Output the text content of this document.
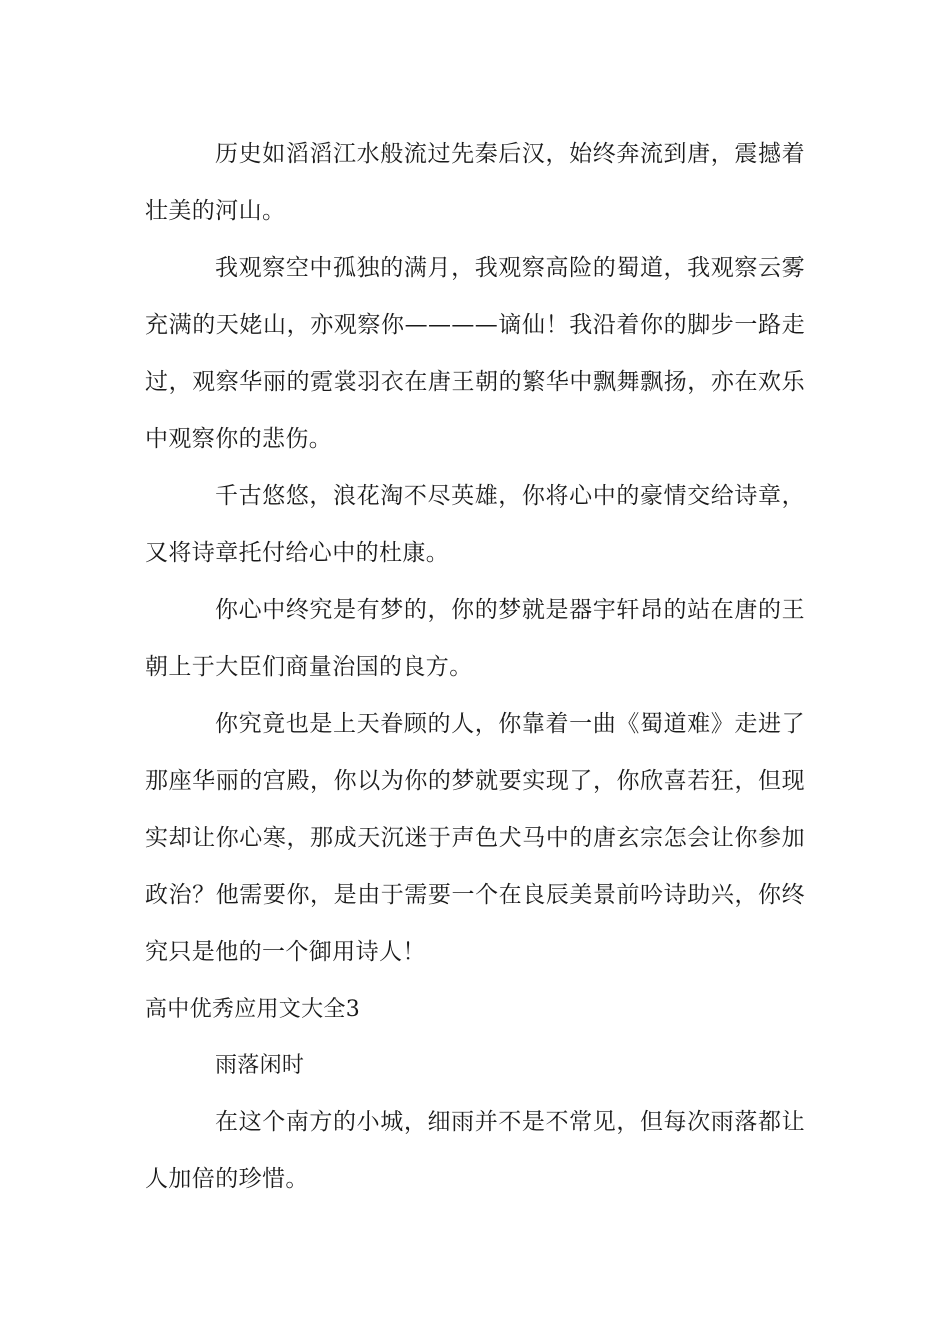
历史如滔滔江水般流过先秦后汉，始终奔流到唐，震撼着壮美的河山。

我观察空中孤独的满月，我观察高险的蜀道，我观察云雾充满的天姥山，亦观察你————谪仙！我沿着你的脚步一路走过，观察华丽的霓裳羽衣在唐王朝的繁华中飘舞飘扬，亦在欢乐中观察你的悲伤。

千古悠悠，浪花淘不尽英雄，你将心中的豪情交给诗章，又将诗章托付给心中的杜康。

你心中终究是有梦的，你的梦就是器宇轩昂的站在唐的王朝上于大臣们商量治国的良方。

你究竟也是上天眷顾的人，你靠着一曲《蜀道难》走进了那座华丽的宫殿，你以为你的梦就要实现了，你欣喜若狂，但现实却让你心寒，那成天沉迷于声色犬马中的唐玄宗怎会让你参加政治？他需要你，是由于需要一个在良辰美景前吟诗助兴，你终究只是他的一个御用诗人！

高中优秀应用文大全3
雨落闲时

在这个南方的小城，细雨并不是不常见，但每次雨落都让人加倍的珍惜。
